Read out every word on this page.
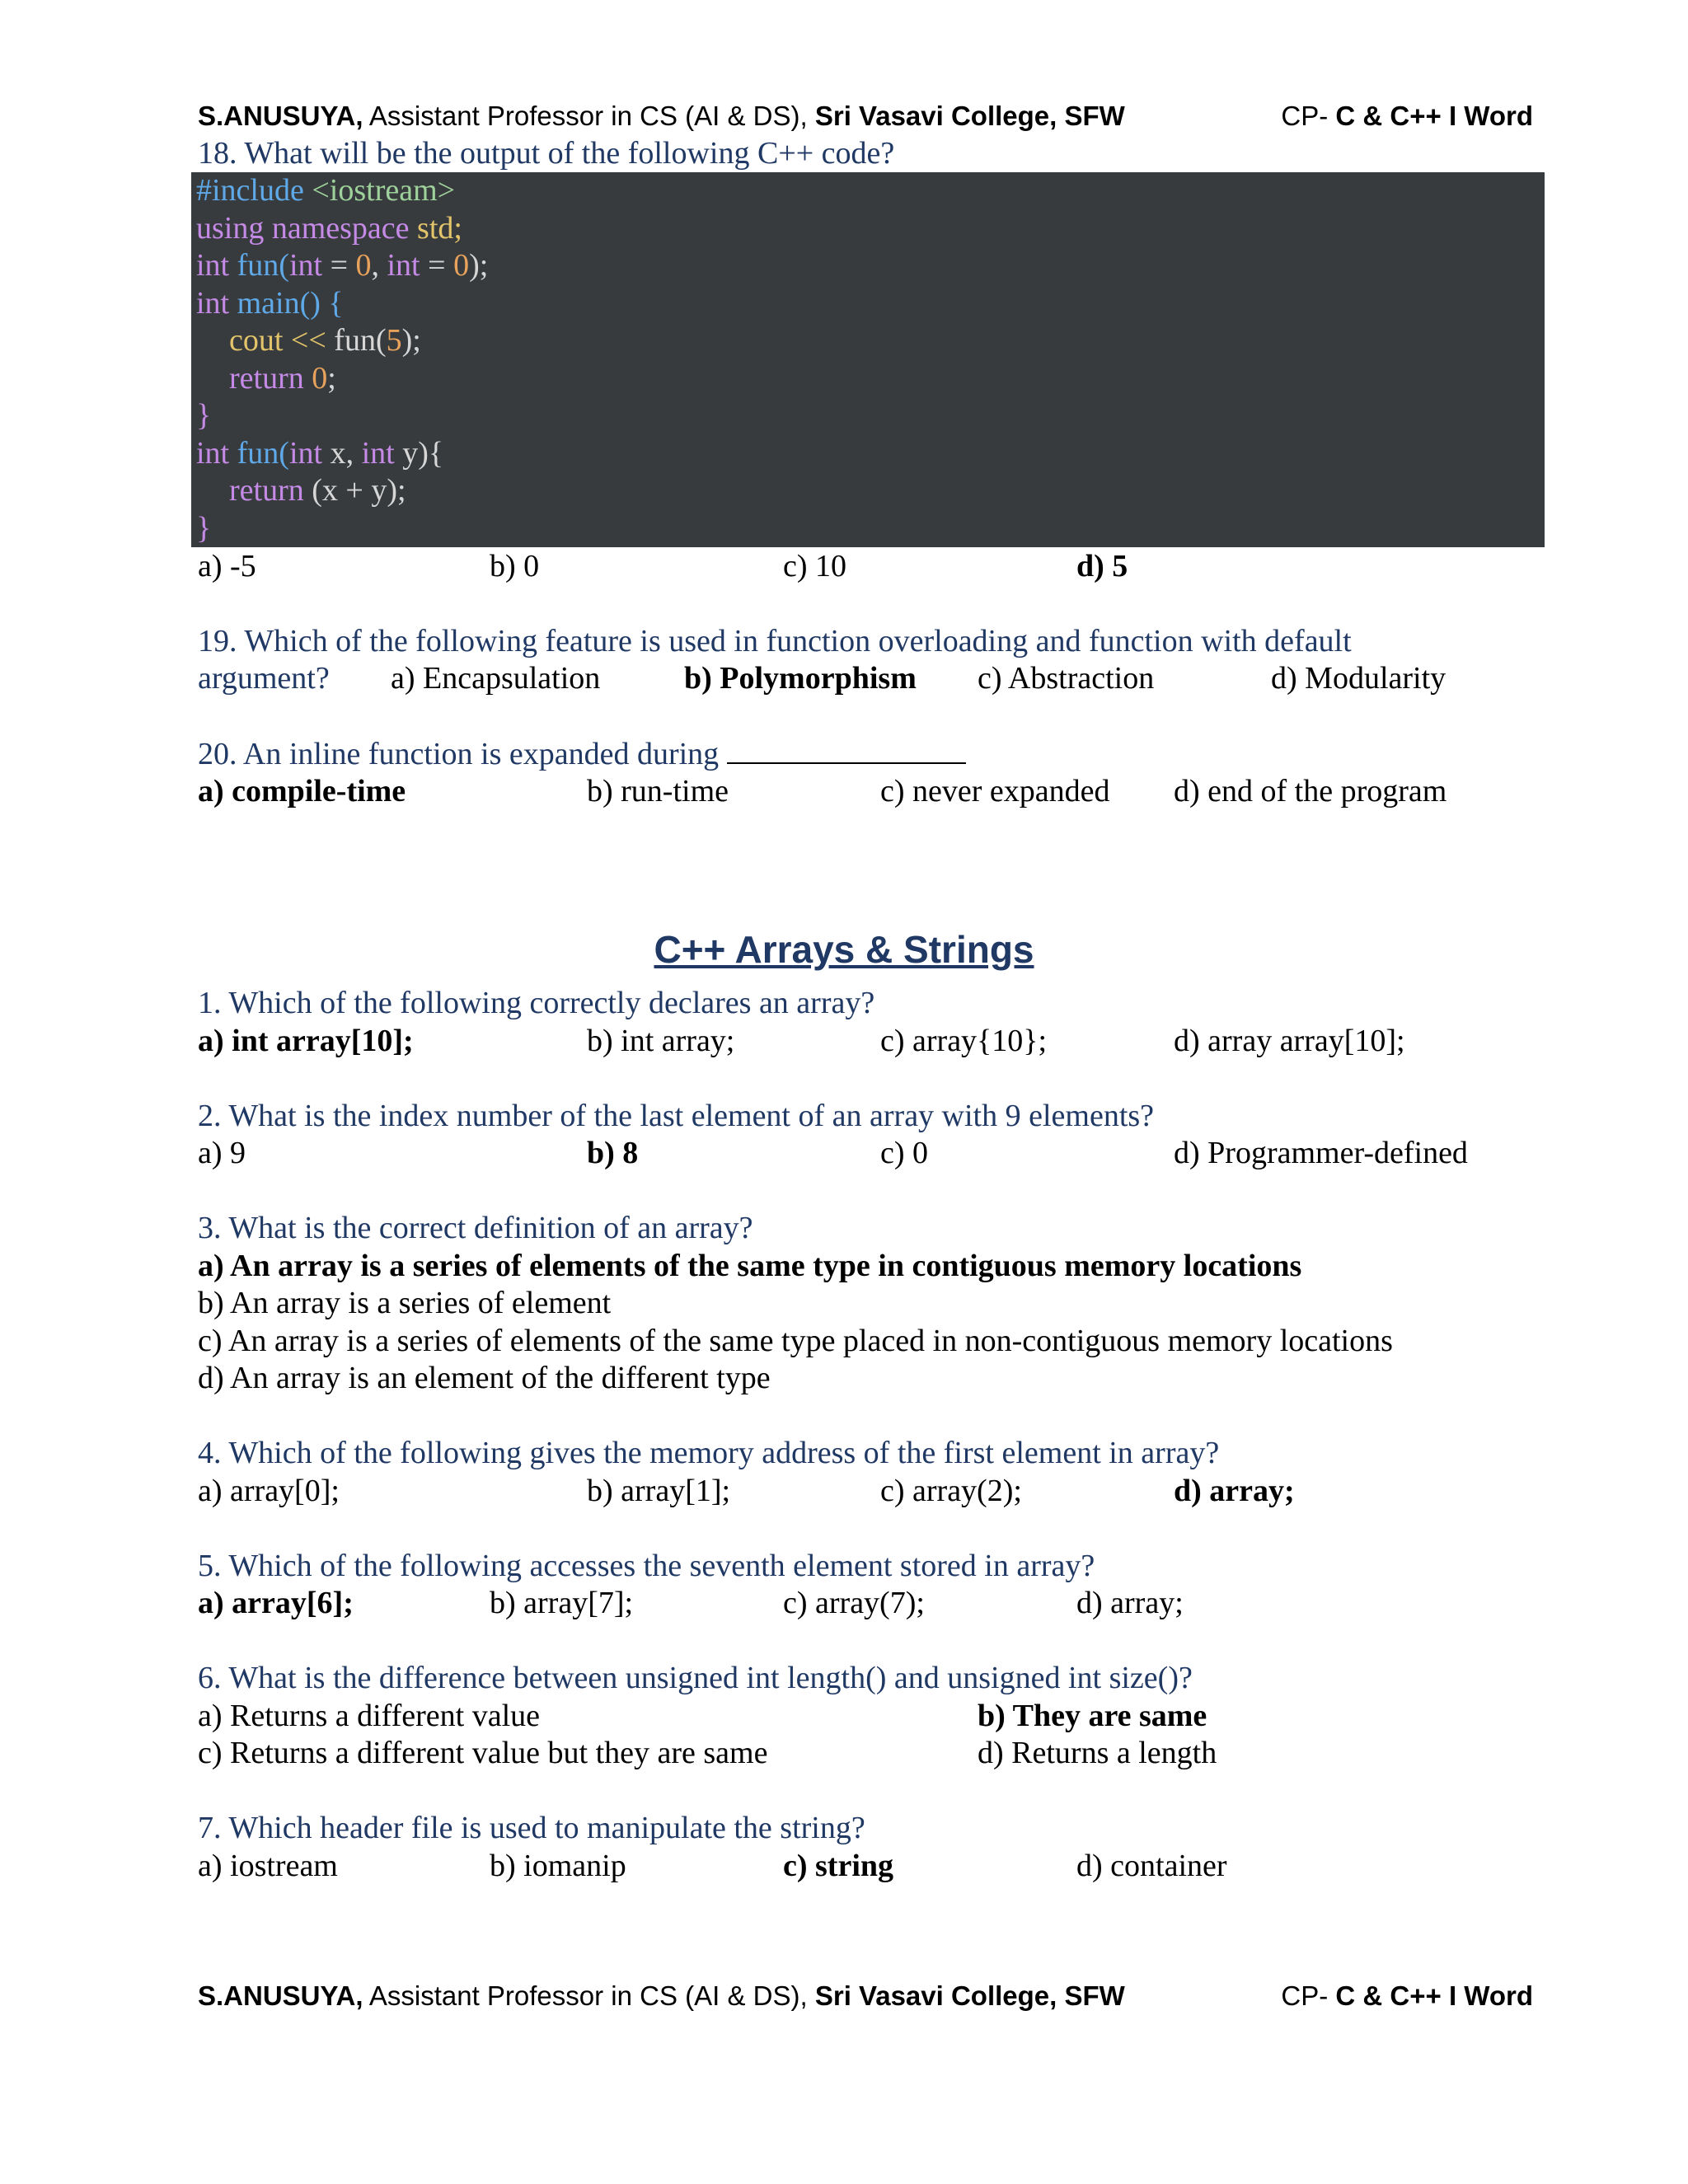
S.ANUSUYA, Assistant Professor in CS (AI & DS), Sri Vasavi College, SFW	CP- C & C++ I Word
18. What will be the output of the following C++ code?
#include <iostream>
using namespace std;
int fun(int = 0, int = 0);
int main() {
cout << fun(5);
return 0;
}
int fun(int x, int y){
return (x + y);
}
a) -5	b) 0	c) 10	d) 5
19. Which of the following feature is used in function overloading and function with default
argument? a) Encapsulation	b) Polymorphism c) Abstraction	d) Modularity
20. An inline function is expanded during
a) compile-time	b) run-time	c) never expanded d) end of the program
C++ Arrays & Strings
1. Which of the following correctly declares an array?
a) int array[10];	b) int array;	c) array{10};	d) array array[10];
2. What is the index number of the last element of an array with 9 elements?
a) 9	b) 8	c) 0	d) Programmer-defined
3. What is the correct definition of an array?
a) An array is a series of elements of the same type in contiguous memory locations
b) An array is a series of element
c) An array is a series of elements of the same type placed in non-contiguous memory locations
d) An array is an element of the different type
4. Which of the following gives the memory address of the first element in array?
a) array[0];	b) array[1];	c) array(2);	d) array;
5. Which of the following accesses the seventh element stored in array?
a) array[6];	b) array[7];	c) array(7);	d) array;
6. What is the difference between unsigned int length() and unsigned int size()?
a) Returns a different value	b) They are same
c) Returns a different value but they are same	d) Returns a length
7. Which header file is used to manipulate the string?
a) iostream	b) iomanip	c) string	d) container
S.ANUSUYA, Assistant Professor in CS (AI & DS), Sri Vasavi College, SFW	CP- C & C++ I Word
